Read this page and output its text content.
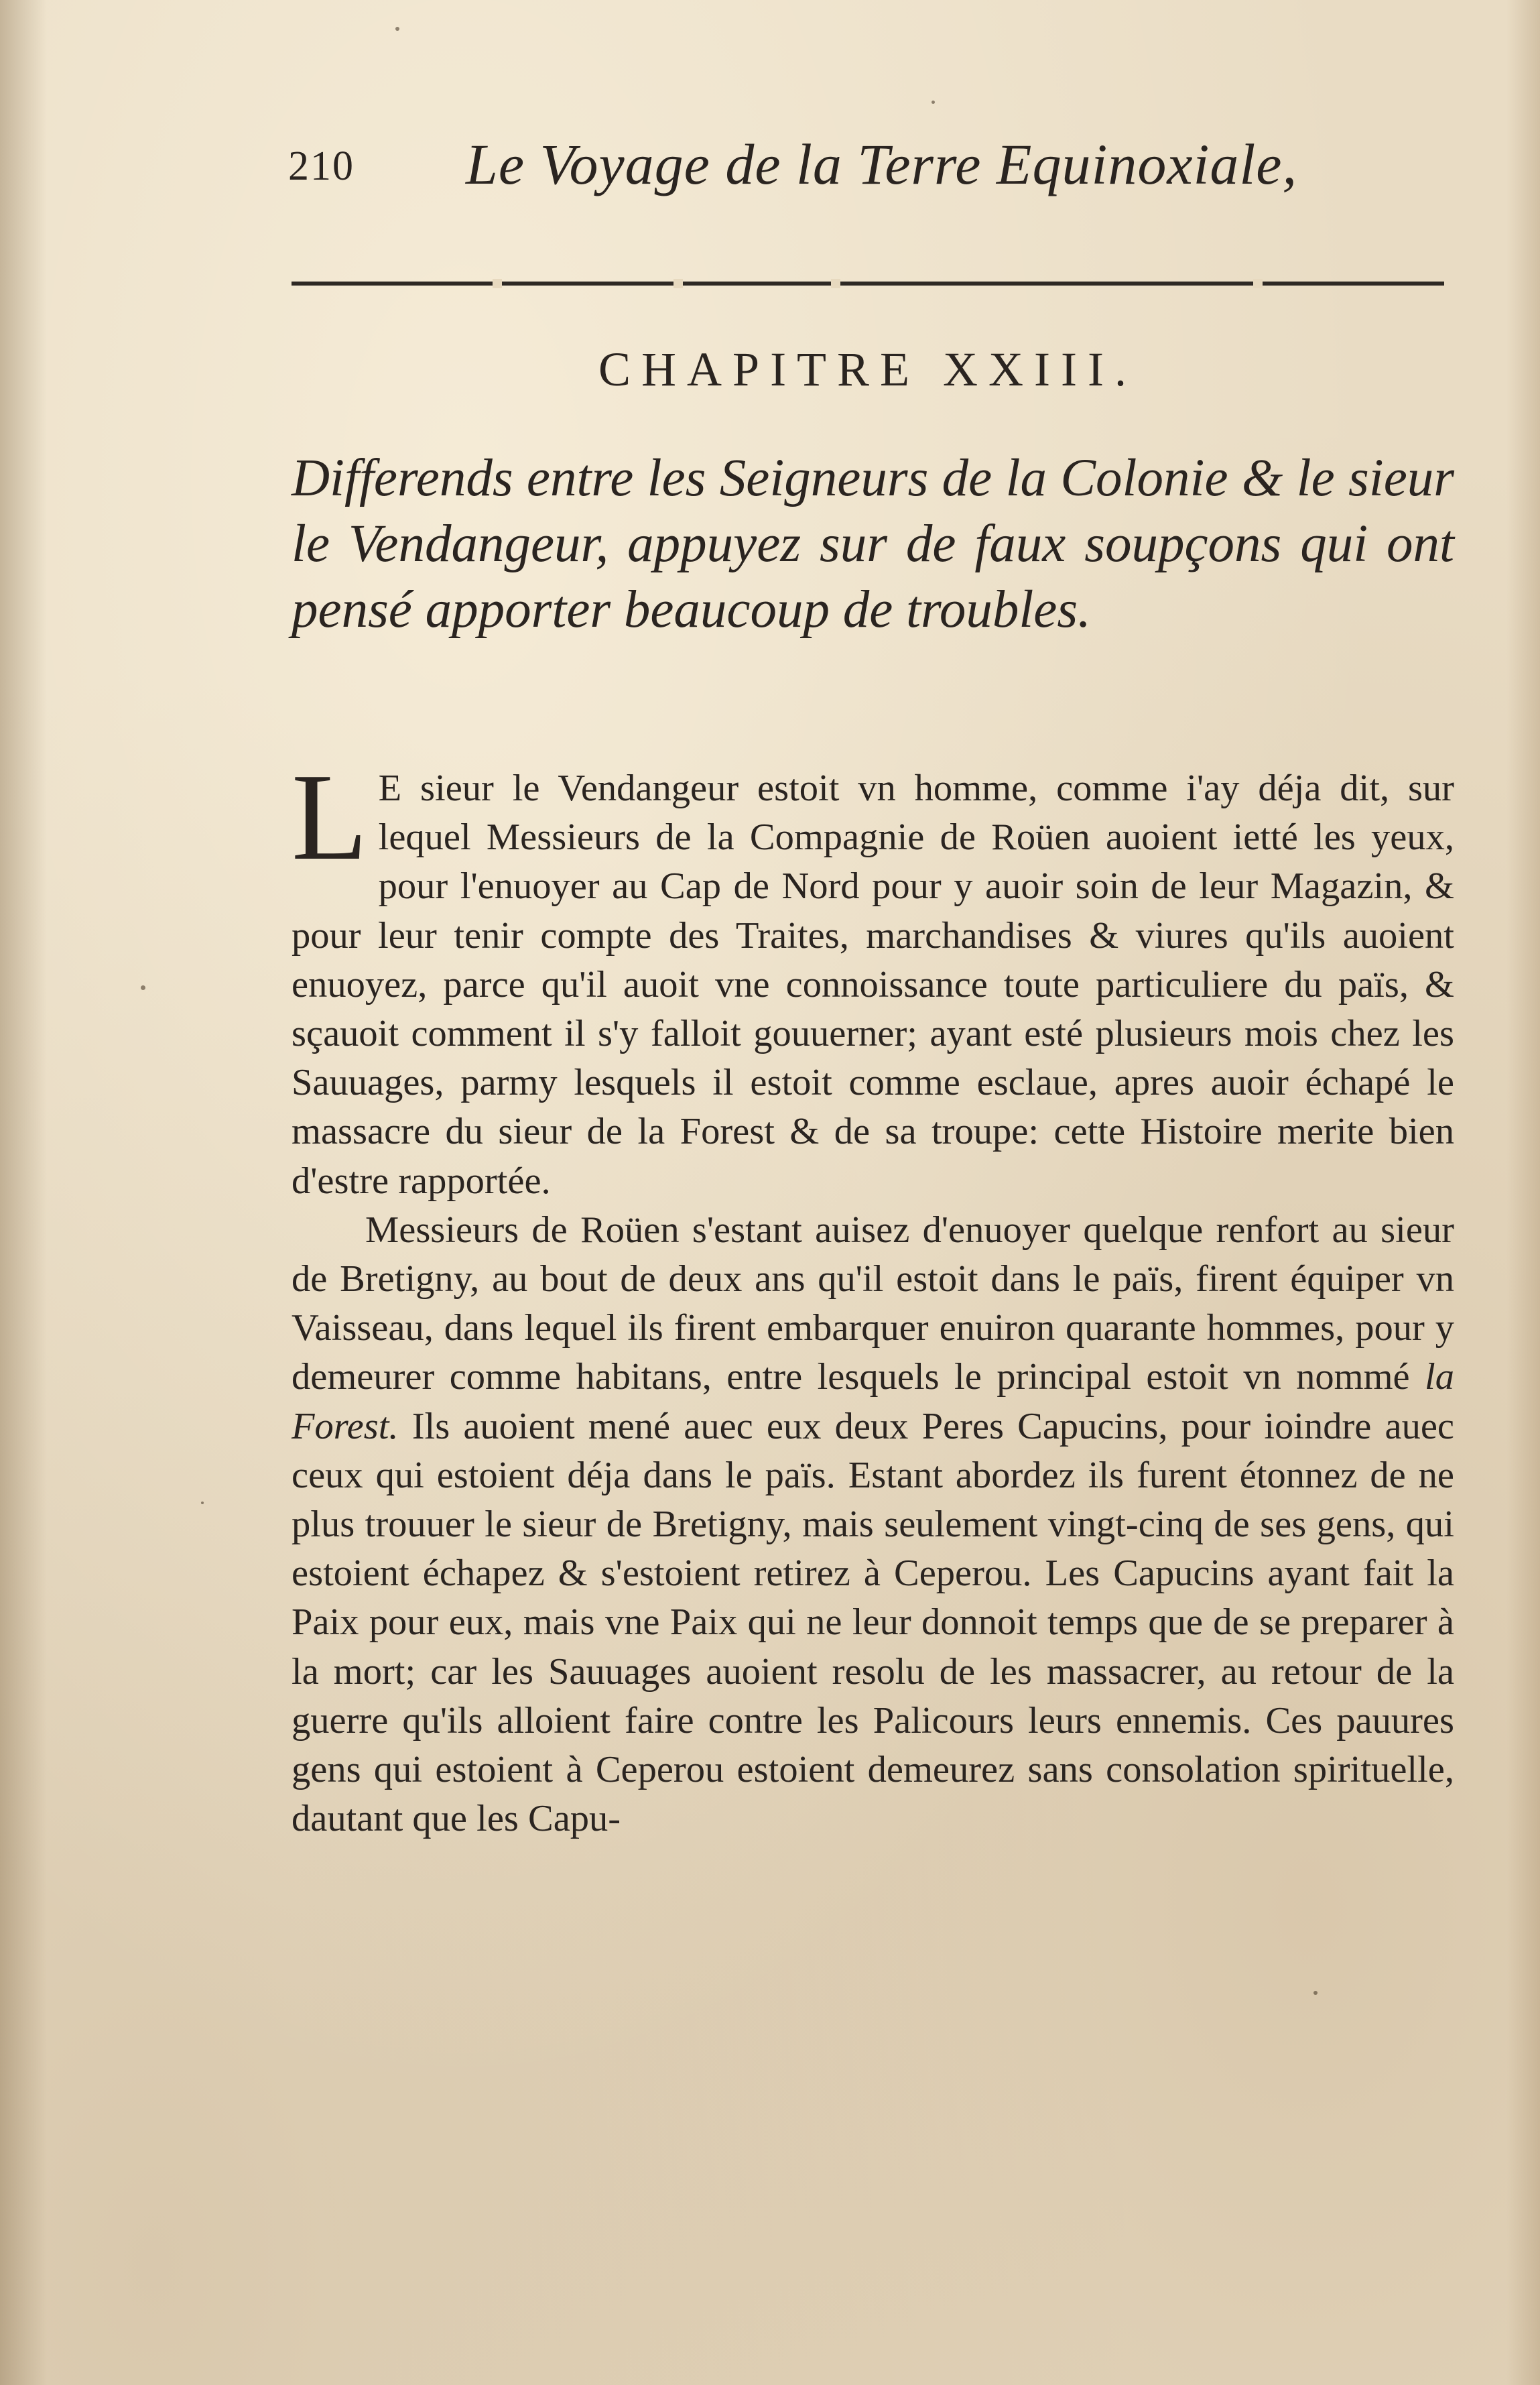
210 Le Voyage de la Terre Equinoxiale,
CHAPITRE XXIII.
Differends entre les Seigneurs de la Colonie & le sieur le Vendangeur, appuyez sur de faux soupçons qui ont pensé apporter beaucoup de troubles.

L E sieur le Vendangeur estoit vn homme, comme i'ay déja dit, sur lequel Messieurs de la Compagnie de Roüen auoient ietté les yeux, pour l'enuoyer au Cap de Nord pour y auoir soin de leur Magazin, & pour leur tenir compte des Traites, marchandises & viures qu'ils auoient enuoyez, parce qu'il auoit vne connoissance toute particuliere du païs, & sçauoit comment il s'y falloit gouuerner; ayant esté plusieurs mois chez les Sauuages, parmy lesquels il estoit comme esclaue, apres auoir échapé le massacre du sieur de la Forest & de sa troupe: cette Histoire merite bien d'estre rapportée.

Messieurs de Roüen s'estant auisez d'enuoyer quelque renfort au sieur de Bretigny, au bout de deux ans qu'il estoit dans le païs, firent équiper vn Vaisseau, dans lequel ils firent embarquer enuiron quarante hommes, pour y demeurer comme habitans, entre lesquels le principal estoit vn nommé la Forest. Ils auoient mené auec eux deux Peres Capucins, pour ioindre auec ceux qui estoient déja dans le païs. Estant abordez ils furent étonnez de ne plus trouuer le sieur de Bretigny, mais seulement vingt-cinq de ses gens, qui estoient échapez & s'estoient retirez à Ceperou. Les Capucins ayant fait la Paix pour eux, mais vne Paix qui ne leur donnoit temps que de se preparer à la mort; car les Sauuages auoient resolu de les massacrer, au retour de la guerre qu'ils alloient faire contre les Palicours leurs ennemis. Ces pauures gens qui estoient à Ceperou estoient demeurez sans consolation spirituelle, dautant que les Capu-
